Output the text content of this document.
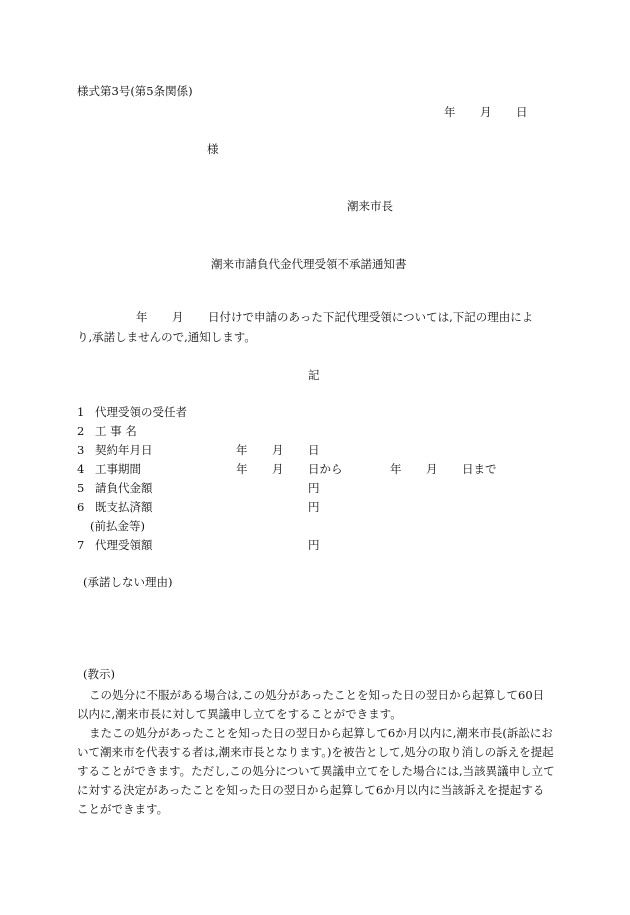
様式第3号(第5条関係)
年 月 日
様
潮来市長
潮来市請負代金代理受領不承諾通知書
年 月 日付けで申請のあった下記代理受領については,下記の理由によ
り,承諾しませんので,通知します。
記
1 代理受領の受任者
2 工 事 名
3 契約年月日	年 月 日
4 工事期間	年 月 日から	年 月 日まで
5 請負代金額	円
6 既支払済額	円
(前払金等)
7 代理受領額	円
(承諾しない理由)
(教示)
この処分に不服がある場合は,この処分があったことを知った日の翌日から起算して60日以内に,潮来市長に対して異議申し立てをすることができます。
またこの処分があったことを知った日の翌日から起算して6か月以内に,潮来市長(訴訟において潮来市を代表する者は,潮来市長となります。)を被告として,処分の取り消しの訴えを提起することができます。ただし,この処分について異議申立てをした場合には,当該異議申し立てに対する決定があったことを知った日の翌日から起算して6か月以内に当該訴えを提起することができます。
